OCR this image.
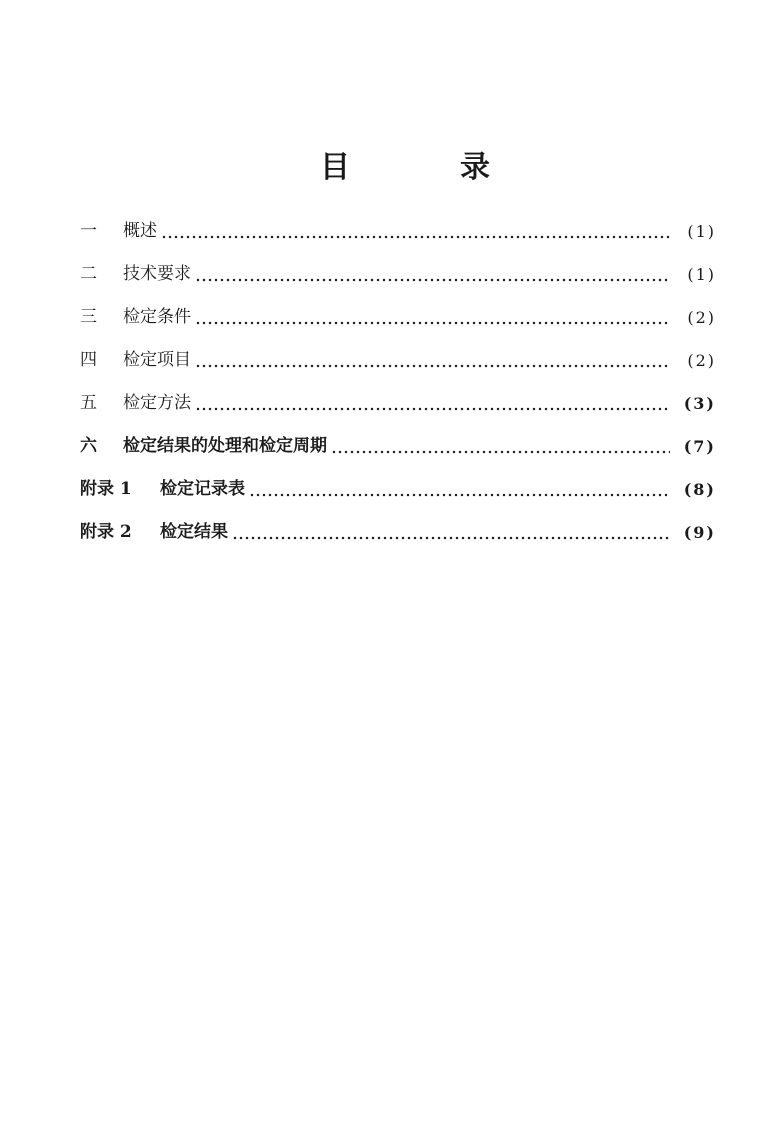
目	录
一	概述	(1)
二	技术要求	(1)
三	检定条件	(2)
四	检定项目	(2)
五	检定方法	(3)
六	检定结果的处理和检定周期	(7)
附录 1	检定记录表	(8)
附录 2	检定结果	(9)
